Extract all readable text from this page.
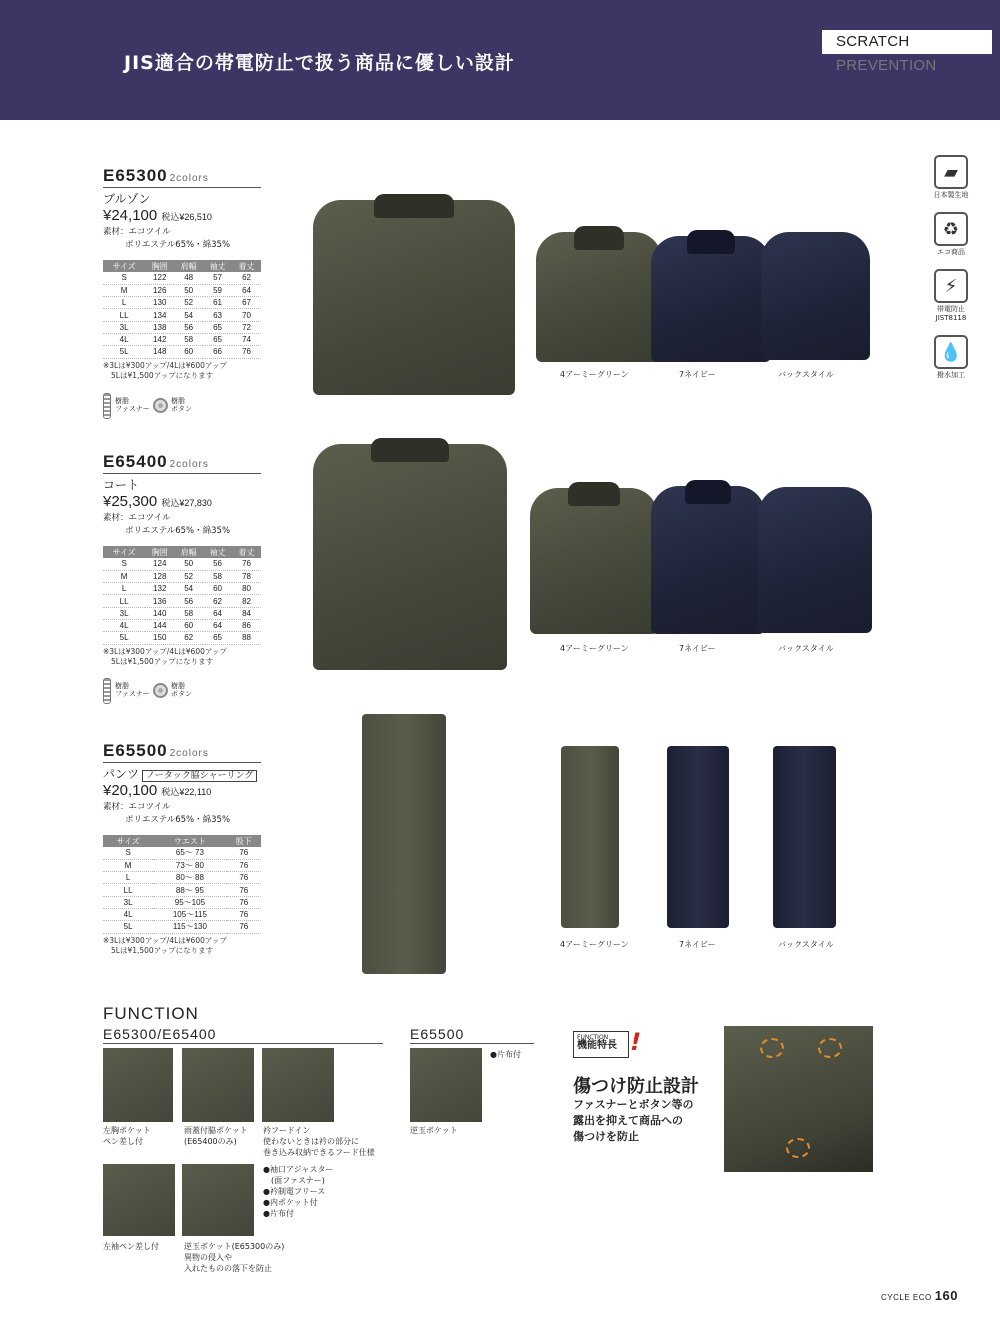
JIS適合の帯電防止で扱う商品に優しい設計
SCRATCH PREVENTION
▰
日本製生地
♻
エコ商品
⚡
帯電防止
JIST8118
💧
撥水加工
E65300 2colors
ブルゾン
¥24,100 税込¥26,510
素材：エコツイル
ポリエステル65%・綿35%
サイズ	胸囲	肩幅	袖丈	着丈
S	122	48	57	62
M	126	50	59	64
L	130	52	61	67
LL	134	54	63	70
3L	138	56	65	72
4L	142	58	65	74
5L	148	60	66	76
※3Lは¥300アップ/4Lは¥600アップ
5Lは¥1,500アップになります
樹脂
ファスナー
樹脂
ボタン
4アーミーグリーン	7ネイビー	バックスタイル
E65400 2colors
コート
¥25,300 税込¥27,830
素材：エコツイル
ポリエステル65%・綿35%
サイズ	胸囲	肩幅	袖丈	着丈
S	124	50	56	76
M	128	52	58	78
L	132	54	60	80
LL	136	56	62	82
3L	140	58	64	84
4L	144	60	64	86
5L	150	62	65	88
※3Lは¥300アップ/4Lは¥600アップ
5Lは¥1,500アップになります
樹脂
ファスナー
樹脂
ボタン
4アーミーグリーン	7ネイビー	バックスタイル
E65500 2colors
パンツ ノータック脇シャーリング
¥20,100 税込¥22,110
素材：エコツイル
ポリエステル65%・綿35%
サイズ	ウエスト	股下
S	65～ 73	76
M	73～ 80	76
L	80～ 88	76
LL	88～ 95	76
3L	95～105	76
4L	105～115	76
5L	115～130	76
※3Lは¥300アップ/4Lは¥600アップ
5Lは¥1,500アップになります
4アーミーグリーン	7ネイビー	バックスタイル
FUNCTION
E65300/E65400	E65500
左胸ポケット
ペン差し付
雨蓋付脇ポケット
(E65400のみ)
衿フードイン
使わないときは衿の部分に
巻き込み収納できるフード仕様
左袖ペン差し付	逆玉ポケット(E65300のみ)
異物の侵入や
入れたものの落下を防止
逆玉ポケット
●袖口アジャスター
　(面ファスナー)
●衿制電フリース
●内ポケット付
●片布付
●片布付
FUNCTION
機能特長 !
傷つけ防止設計
ファスナーとボタン等の
露出を抑えて商品への
傷つけを防止
CYCLE ECO 160
